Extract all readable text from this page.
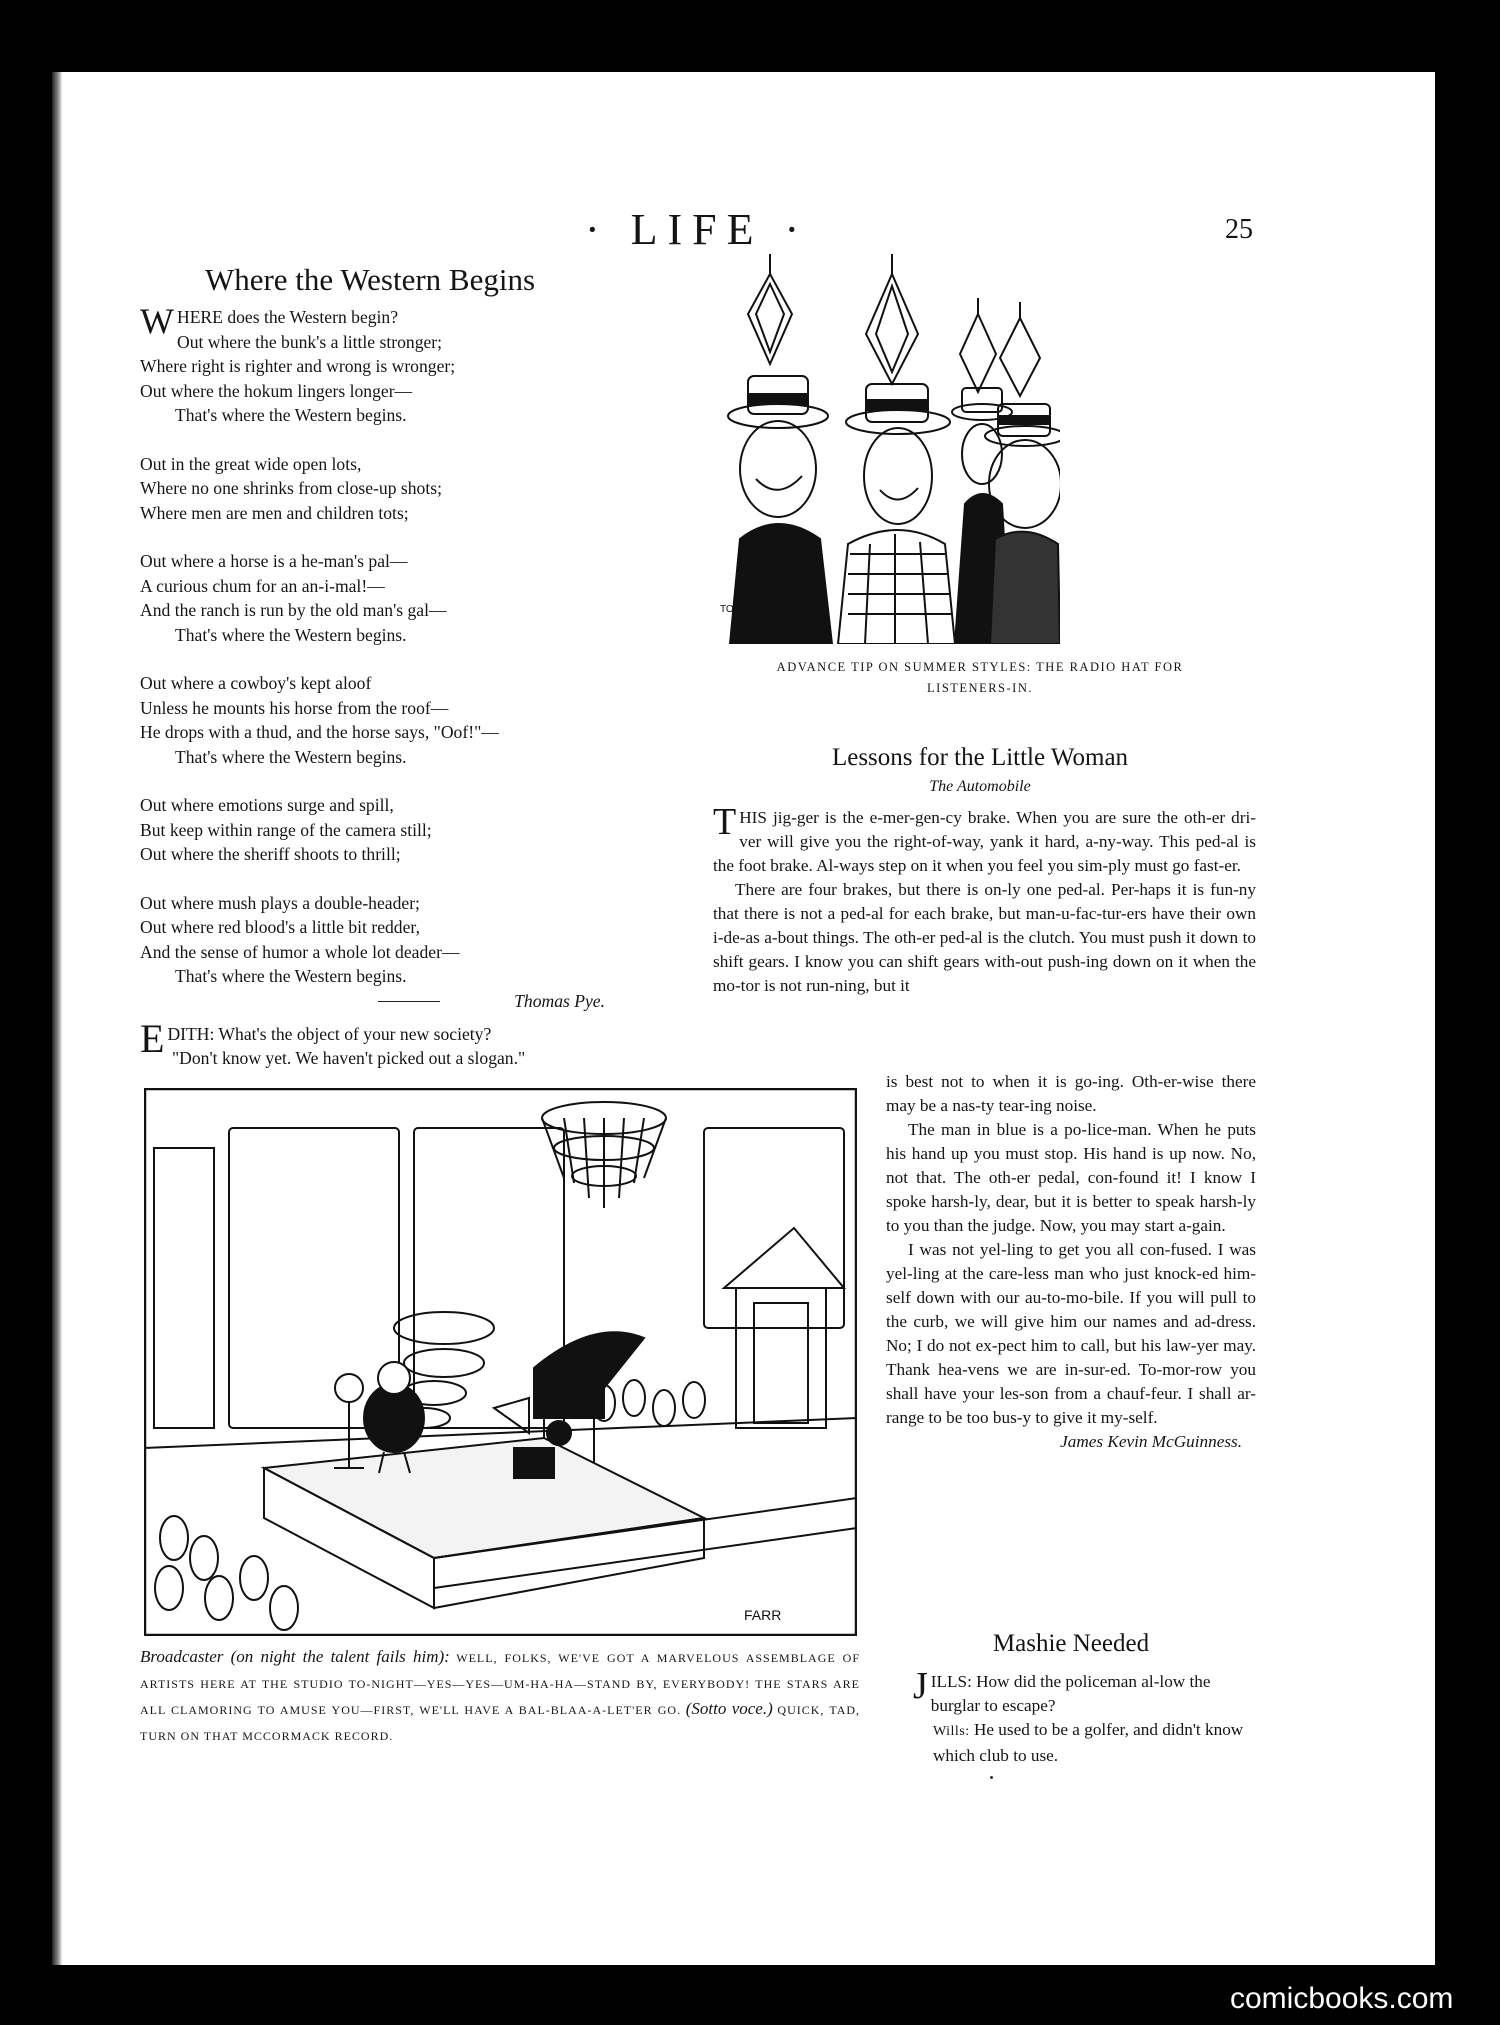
· LIFE ·	25
Where the Western Begins
WHERE does the Western begin?
Out where the bunk's a little stronger;
Where right is righter and wrong is wronger;
Out where the hokum lingers longer—
That's where the Western begins.
Out in the great wide open lots,
Where no one shrinks from close-up shots;
Where men are men and children tots;
Out where a horse is a he-man's pal—
A curious chum for an an-i-mal!—
And the ranch is run by the old man's gal—
That's where the Western begins.
Out where a cowboy's kept aloof
Unless he mounts his horse from the roof—
He drops with a thud, and the horse says, "Oof!"—
That's where the Western begins.
Out where emotions surge and spill,
But keep within range of the camera still;
Out where the sheriff shoots to thrill;
Out where mush plays a double-header;
Out where red blood's a little bit redder,
And the sense of humor a whole lot deader—
That's where the Western begins.
Thomas Pye.
EDITH: What's the object of your new society?
"Don't know yet. We haven't picked out a slogan."
TOUSEY
ADVANCE TIP ON SUMMER STYLES: THE RADIO HAT FOR
LISTENERS-IN.
Lessons for the Little Woman
The Automobile

THIS jig-ger is the e-mer-gen-cy brake. When you are sure the oth-er dri-ver will give you the right-of-way, yank it hard, a-ny-way. This ped-al is the foot brake. Al-ways step on it when you feel you sim-ply must go fast-er.

There are four brakes, but there is on-ly one ped-al. Per-haps it is fun-ny that there is not a ped-al for each brake, but man-u-fac-tur-ers have their own i-de-as a-bout things. The oth-er ped-al is the clutch. You must push it down to shift gears. I know you can shift gears with-out push-ing down on it when the mo-tor is not run-ning, but it

is best not to when it is go-ing. Oth-er-wise there may be a nas-ty tear-ing noise.

The man in blue is a po-lice-man. When he puts his hand up you must stop. His hand is up now. No, not that. The oth-er pedal, con-found it! I know I spoke harsh-ly, dear, but it is better to speak harsh-ly to you than the judge. Now, you may start a-gain.

I was not yel-ling to get you all con-fused. I was yel-ling at the care-less man who just knock-ed him-self down with our au-to-mo-bile. If you will pull to the curb, we will give him our names and ad-dress. No; I do not ex-pect him to call, but his law-yer may. Thank hea-vens we are in-sur-ed. To-mor-row you shall have your les-son from a chauf-feur. I shall ar-range to be too bus-y to give it my-self.

James Kevin McGuinness.
FARR
Broadcaster (on night the talent fails him): WELL, FOLKS, WE'VE GOT A MARVELOUS ASSEMBLAGE OF ARTISTS HERE AT THE STUDIO TO-NIGHT—YES—YES—UM-HA-HA—STAND BY, EVERYBODY! THE STARS ARE ALL CLAMORING TO AMUSE YOU—FIRST, WE'LL HAVE A BAL-BLAA-A-LET'ER GO. (Sotto voce.) QUICK, TAD, TURN ON THAT MCCORMACK RECORD.
Mashie Needed

JILLS: How did the policeman al-low the burglar to escape?

Wills: He used to be a golfer, and didn't know which club to use.

comicbooks.com
